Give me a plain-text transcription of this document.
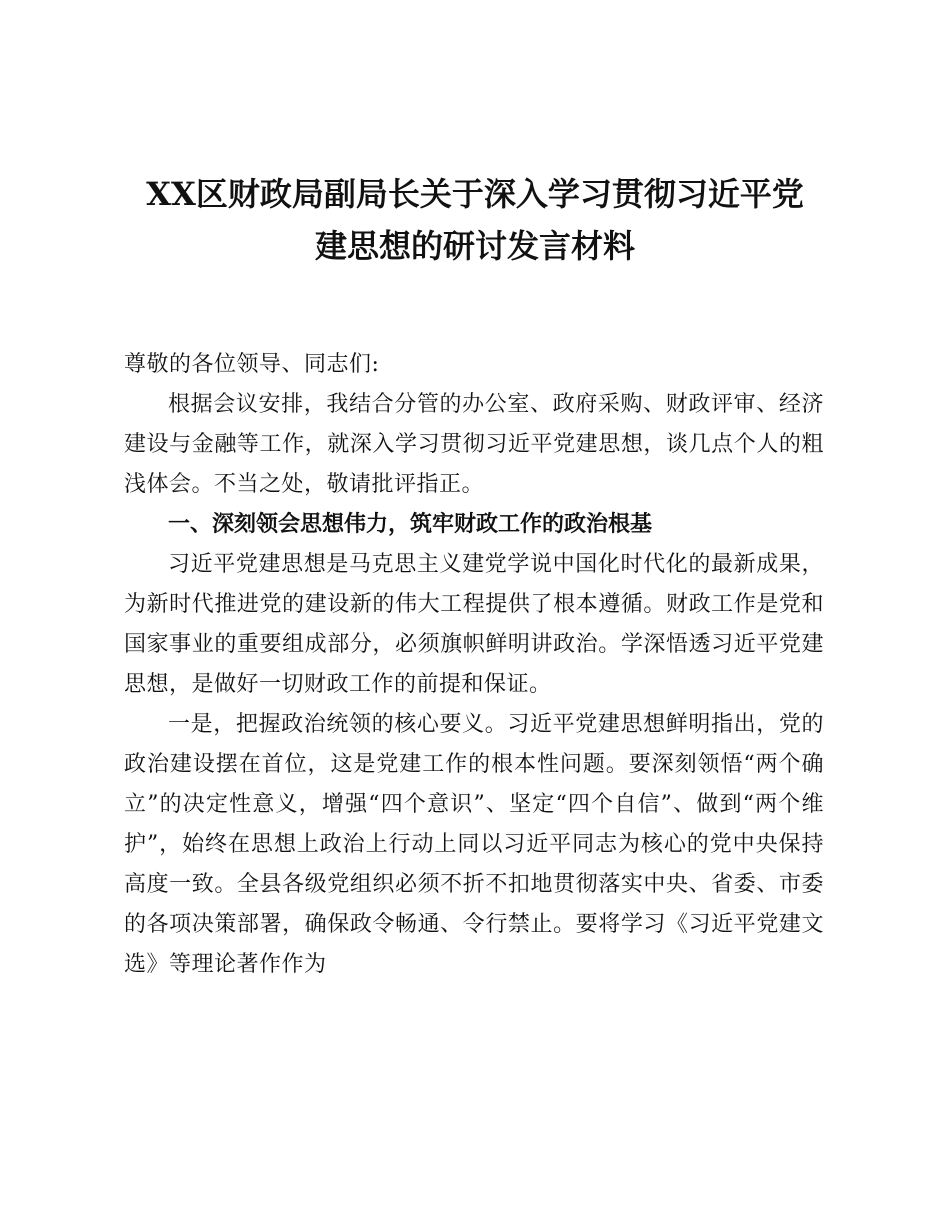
XX区财政局副局长关于深入学习贯彻习近平党
建思想的研讨发言材料

尊敬的各位领导、同志们:

根据会议安排，我结合分管的办公室、政府采购、财政评审、经济建设与金融等工作，就深入学习贯彻习近平党建思想，谈几点个人的粗浅体会。不当之处，敬请批评指正。

一、深刻领会思想伟力，筑牢财政工作的政治根基

习近平党建思想是马克思主义建党学说中国化时代化的最新成果，为新时代推进党的建设新的伟大工程提供了根本遵循。财政工作是党和国家事业的重要组成部分，必须旗帜鲜明讲政治。学深悟透习近平党建思想，是做好一切财政工作的前提和保证。

一是，把握政治统领的核心要义。习近平党建思想鲜明指出，党的政治建设摆在首位，这是党建工作的根本性问题。要深刻领悟“两个确立”的决定性意义，增强“四个意识”、坚定“四个自信”、做到“两个维护”，始终在思想上政治上行动上同以习近平同志为核心的党中央保持高度一致。全县各级党组织必须不折不扣地贯彻落实中央、省委、市委的各项决策部署，确保政令畅通、令行禁止。要将学习《习近平党建文选》等理论著作作为
